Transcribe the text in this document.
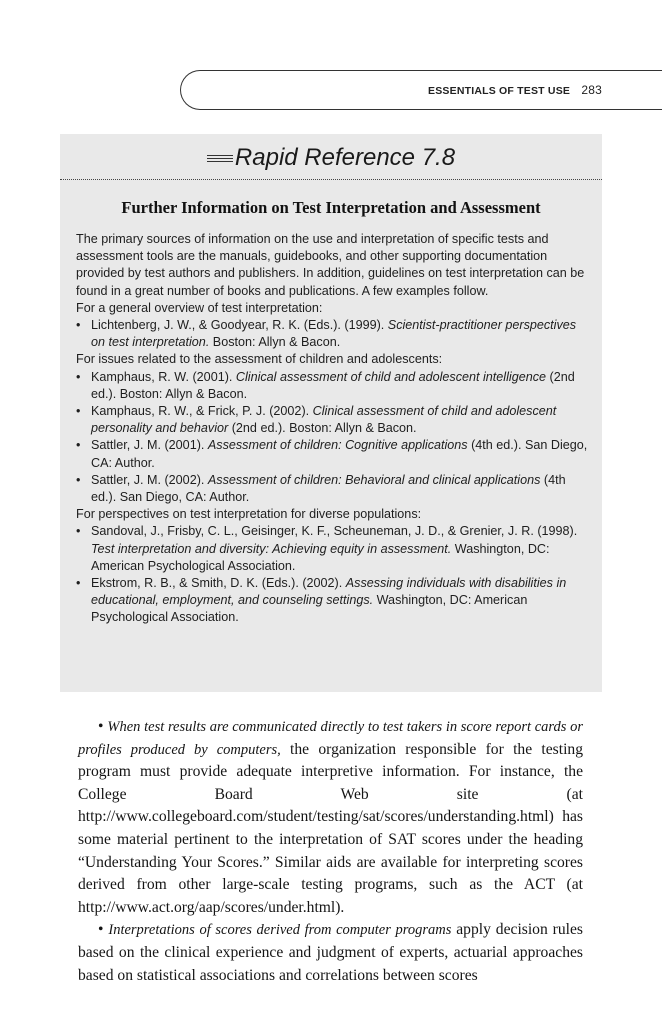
ESSENTIALS OF TEST USE 283
Rapid Reference 7.8
Further Information on Test Interpretation and Assessment

The primary sources of information on the use and interpretation of specific tests and assessment tools are the manuals, guidebooks, and other supporting documentation provided by test authors and publishers. In addition, guidelines on test interpretation can be found in a great number of books and publications. A few examples follow.

For a general overview of test interpretation:

• Lichtenberg, J. W., & Goodyear, R. K. (Eds.). (1999). Scientist-practitioner perspectives on test interpretation. Boston: Allyn & Bacon.

For issues related to the assessment of children and adolescents:

• Kamphaus, R. W. (2001). Clinical assessment of child and adolescent intelligence (2nd ed.). Boston: Allyn & Bacon.
• Kamphaus, R. W., & Frick, P. J. (2002). Clinical assessment of child and adolescent personality and behavior (2nd ed.). Boston: Allyn & Bacon.
• Sattler, J. M. (2001). Assessment of children: Cognitive applications (4th ed.). San Diego, CA: Author.
• Sattler, J. M. (2002). Assessment of children: Behavioral and clinical applications (4th ed.). San Diego, CA: Author.

For perspectives on test interpretation for diverse populations:

• Sandoval, J., Frisby, C. L., Geisinger, K. F., Scheuneman, J. D., & Grenier, J. R. (1998). Test interpretation and diversity: Achieving equity in assessment. Washington, DC: American Psychological Association.
• Ekstrom, R. B., & Smith, D. K. (Eds.). (2002). Assessing individuals with disabilities in educational, employment, and counseling settings. Washington, DC: American Psychological Association.

• When test results are communicated directly to test takers in score report cards or profiles produced by computers, the organization responsible for the testing program must provide adequate interpretive information. For instance, the College Board Web site (at http://www.collegeboard.com/student/testing/sat/scores/understanding.html) has some material pertinent to the interpretation of SAT scores under the heading “Understanding Your Scores.” Similar aids are available for interpreting scores derived from other large-scale testing programs, such as the ACT (at http://www.act.org/aap/scores/under.html).

• Interpretations of scores derived from computer programs apply decision rules based on the clinical experience and judgment of experts, actuarial approaches based on statistical associations and correlations between scores
